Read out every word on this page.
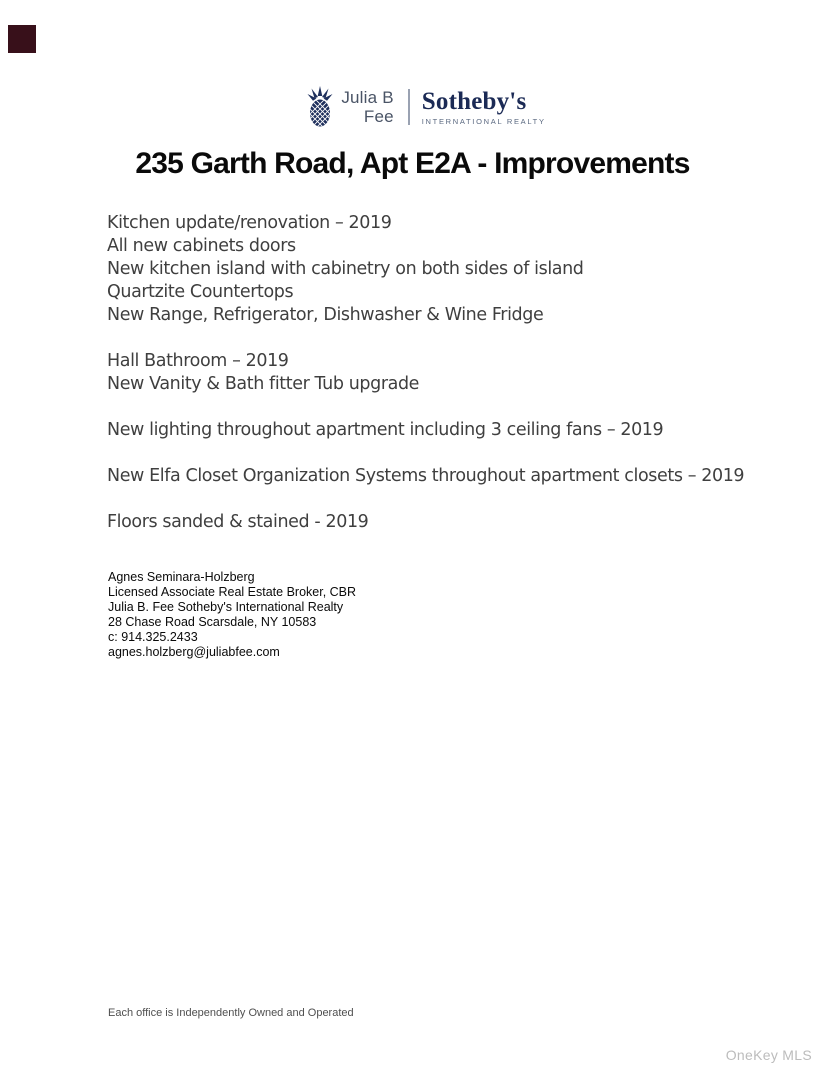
Julia B
Fee
Sotheby's
INTERNATIONAL REALTY
235 Garth Road, Apt E2A - Improvements

Kitchen update/renovation – 2019

All new cabinets doors

New kitchen island with cabinetry on both sides of island

Quartzite Countertops

New Range, Refrigerator, Dishwasher & Wine Fridge

Hall Bathroom – 2019

New Vanity & Bath fitter Tub upgrade

New lighting throughout apartment including 3 ceiling fans – 2019

New Elfa Closet Organization Systems throughout apartment closets – 2019

Floors sanded & stained - 2019

Agnes Seminara-Holzberg

Licensed Associate Real Estate Broker, CBR

Julia B. Fee Sotheby's International Realty

28 Chase Road Scarsdale, NY 10583

c: 914.325.2433

agnes.holzberg@juliabfee.com

Each office is Independently Owned and Operated
OneKey MLS
